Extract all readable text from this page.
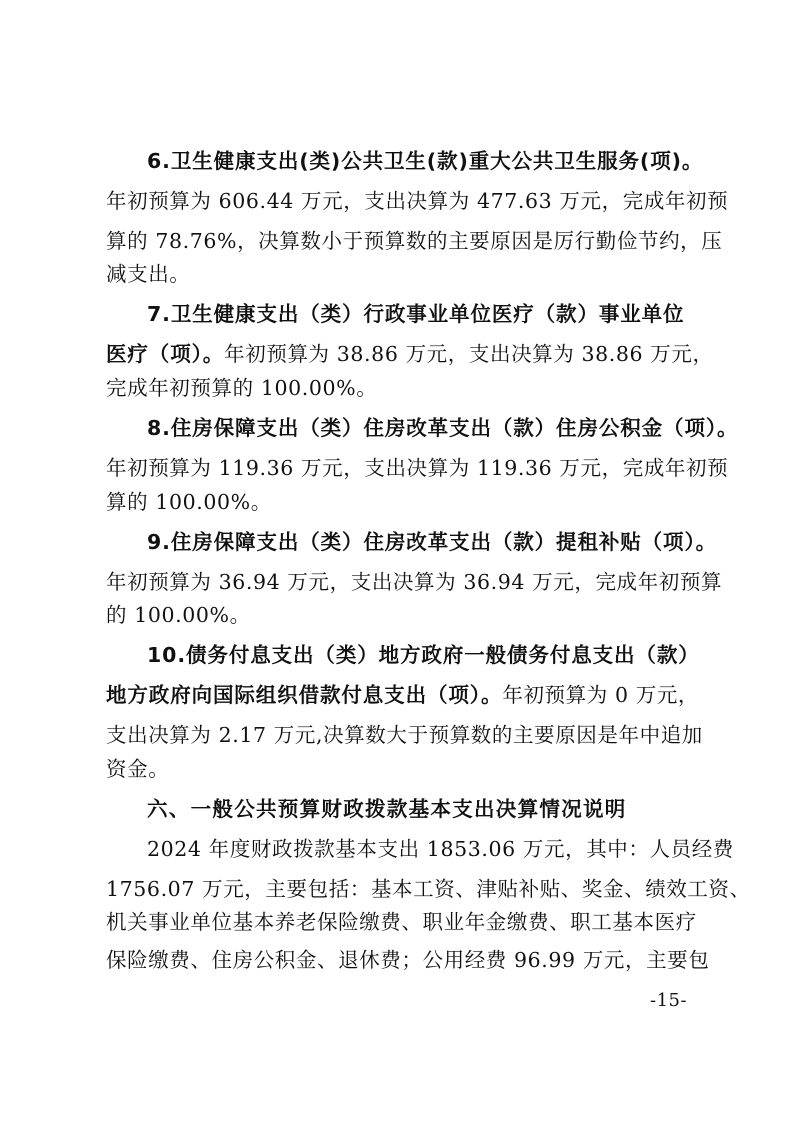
6.卫生健康支出(类)公共卫生(款)重大公共卫生服务(项)。
年初预算为 606.44 万元，支出决算为 477.63 万元，完成年初预
算的 78.76%，决算数小于预算数的主要原因是厉行勤俭节约，压
减支出。
7.卫生健康支出（类）行政事业单位医疗（款）事业单位
医疗（项）。年初预算为 38.86 万元，支出决算为 38.86 万元，
完成年初预算的 100.00%。
8.住房保障支出（类）住房改革支出（款）住房公积金（项）。
年初预算为 119.36 万元，支出决算为 119.36 万元，完成年初预
算的 100.00%。
9.住房保障支出（类）住房改革支出（款）提租补贴（项）。
年初预算为 36.94 万元，支出决算为 36.94 万元，完成年初预算
的 100.00%。
10.债务付息支出（类）地方政府一般债务付息支出（款）
地方政府向国际组织借款付息支出（项）。年初预算为 0 万元，
支出决算为 2.17 万元,决算数大于预算数的主要原因是年中追加
资金。
六、一般公共预算财政拨款基本支出决算情况说明
2024 年度财政拨款基本支出 1853.06 万元，其中：人员经费
1756.07 万元，主要包括：基本工资、津贴补贴、奖金、绩效工资、
机关事业单位基本养老保险缴费、职业年金缴费、职工基本医疗
保险缴费、住房公积金、退休费；公用经费 96.99 万元，主要包
-15-
